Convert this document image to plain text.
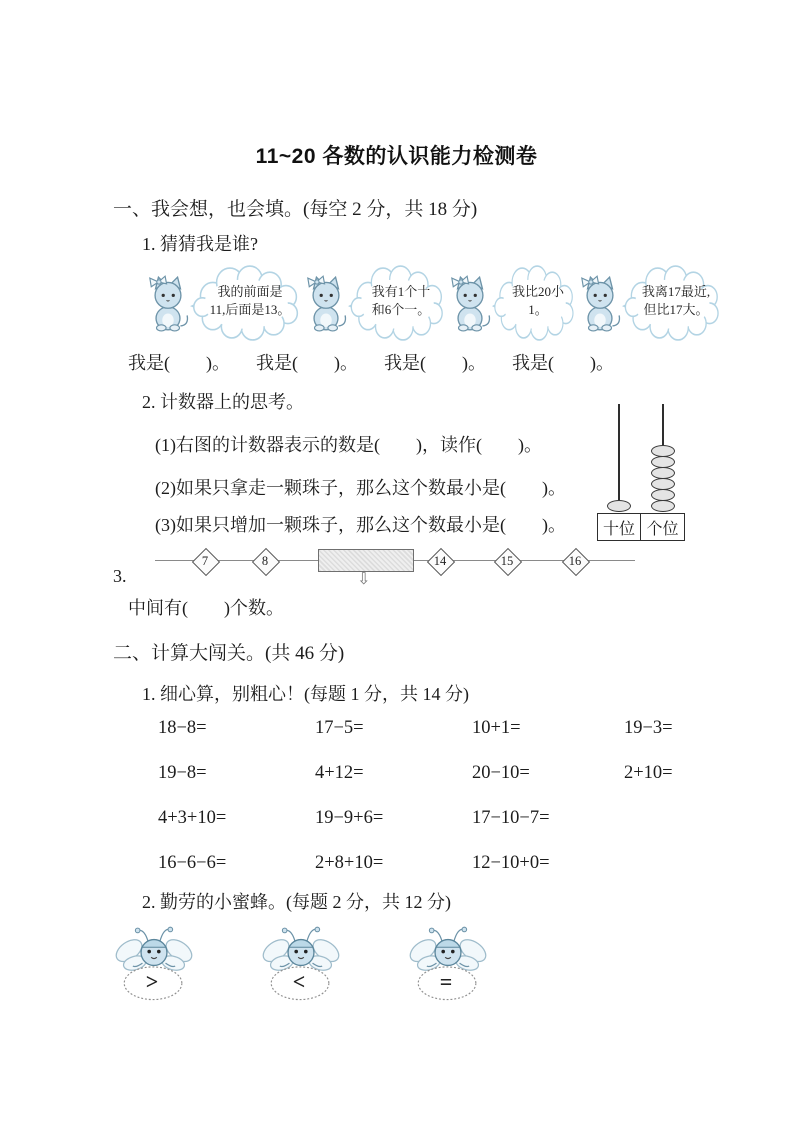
11~20 各数的认识能力检测卷
一、我会想，也会填。(每空 2 分，共 18 分)
1. 猜猜我是谁?
我的前面是
11,后面是13。
我有1个十
和6个一。
我比20小1。
我离17最近,
但比17大。
我是(　　)。 我是(　　)。 我是(　　)。 我是(　　)。
2. 计数器上的思考。
(1)右图的计数器表示的数是(　　)，读作(　　)。
(2)如果只拿走一颗珠子，那么这个数最小是(　　)。
(3)如果只增加一颗珠子，那么这个数最小是(　　)。	十位 个位
3.
7	8
⇩
14	15	16
中间有(　　)个数。
二、计算大闯关。(共 46 分)
1. 细心算，别粗心！(每题 1 分，共 14 分)
18−8=	17−5=	10+1=	19−3=
19−8=	4+12=	20−10=	2+10=
4+3+10=	19−9+6=	17−10−7=
16−6−6=	2+8+10=	12−10+0=
2. 勤劳的小蜜蜂。(每题 2 分，共 12 分)
>	<	=
